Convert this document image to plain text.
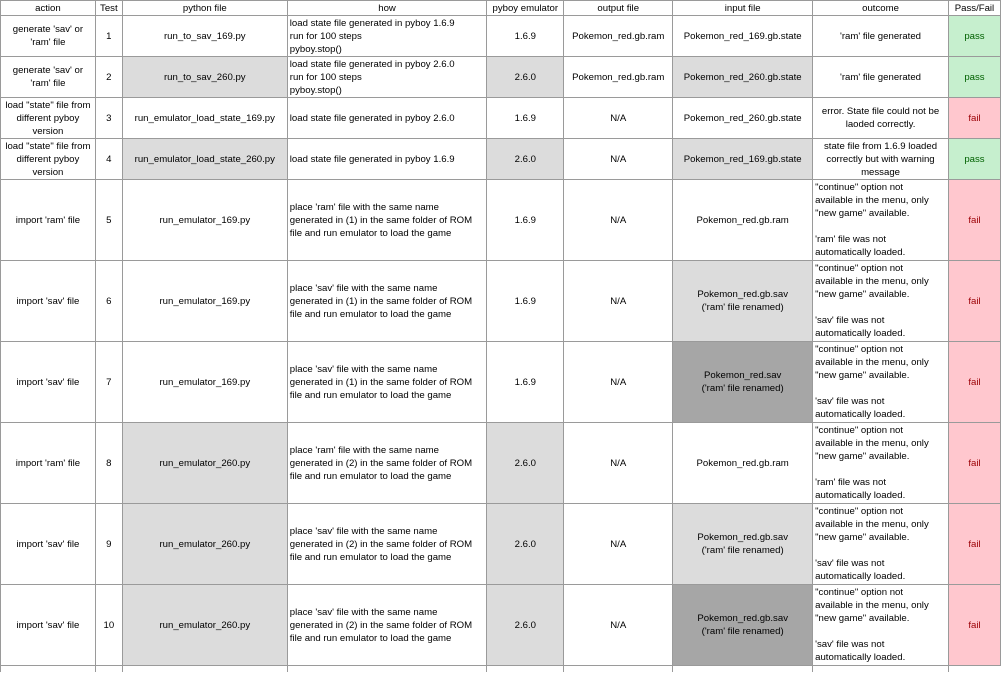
action	Test	python file	how	pyboy emulator	output file	input file	outcome	Pass/Fail
generate 'sav' or
'ram' file	1	run_to_sav_169.py	load state file generated in pyboy 1.6.9
run for 100 steps
pyboy.stop()	1.6.9	Pokemon_red.gb.ram	Pokemon_red_169.gb.state	'ram' file generated	pass
generate 'sav' or
'ram' file	2	run_to_sav_260.py	load state file generated in pyboy 2.6.0
run for 100 steps
pyboy.stop()	2.6.0	Pokemon_red.gb.ram	Pokemon_red_260.gb.state	'ram' file generated	pass
load "state" file from
different pyboy
version	3	run_emulator_load_state_169.py	load state file generated in pyboy 2.6.0	1.6.9	N/A	Pokemon_red_260.gb.state	error. State file could not be
laoded correctly.	fail
load "state" file from
different pyboy
version	4	run_emulator_load_state_260.py	load state file generated in pyboy 1.6.9	2.6.0	N/A	Pokemon_red_169.gb.state	state file from 1.6.9 loaded
correctly but with warning
message	pass
import 'ram' file	5	run_emulator_169.py	place 'ram' file with the same name
generated in (1) in the same folder of ROM
file and run emulator to load the game	1.6.9	N/A	Pokemon_red.gb.ram	"continue" option not
available in the menu, only
"new game" available.

'ram' file was not
automatically loaded.	fail
import 'sav' file	6	run_emulator_169.py	place 'sav' file with the same name
generated in (1) in the same folder of ROM
file and run emulator to load the game	1.6.9	N/A	Pokemon_red.gb.sav
('ram' file renamed)	"continue" option not
available in the menu, only
"new game" available.

'sav' file was not
automatically loaded.	fail
import 'sav' file	7	run_emulator_169.py	place 'sav' file with the same name
generated in (1) in the same folder of ROM
file and run emulator to load the game	1.6.9	N/A	Pokemon_red.sav
('ram' file renamed)	"continue" option not
available in the menu, only
"new game" available.

'sav' file was not
automatically loaded.	fail
import 'ram' file	8	run_emulator_260.py	place 'ram' file with the same name
generated in (2) in the same folder of ROM
file and run emulator to load the game	2.6.0	N/A	Pokemon_red.gb.ram	"continue" option not
available in the menu, only
"new game" available.

'ram' file was not
automatically loaded.	fail
import 'sav' file	9	run_emulator_260.py	place 'sav' file with the same name
generated in (2) in the same folder of ROM
file and run emulator to load the game	2.6.0	N/A	Pokemon_red.gb.sav
('ram' file renamed)	"continue" option not
available in the menu, only
"new game" available.

'sav' file was not
automatically loaded.	fail
import 'sav' file	10	run_emulator_260.py	place 'sav' file with the same name
generated in (2) in the same folder of ROM
file and run emulator to load the game	2.6.0	N/A	Pokemon_red.gb.sav
('ram' file renamed)	"continue" option not
available in the menu, only
"new game" available.

'sav' file was not
automatically loaded.	fail
